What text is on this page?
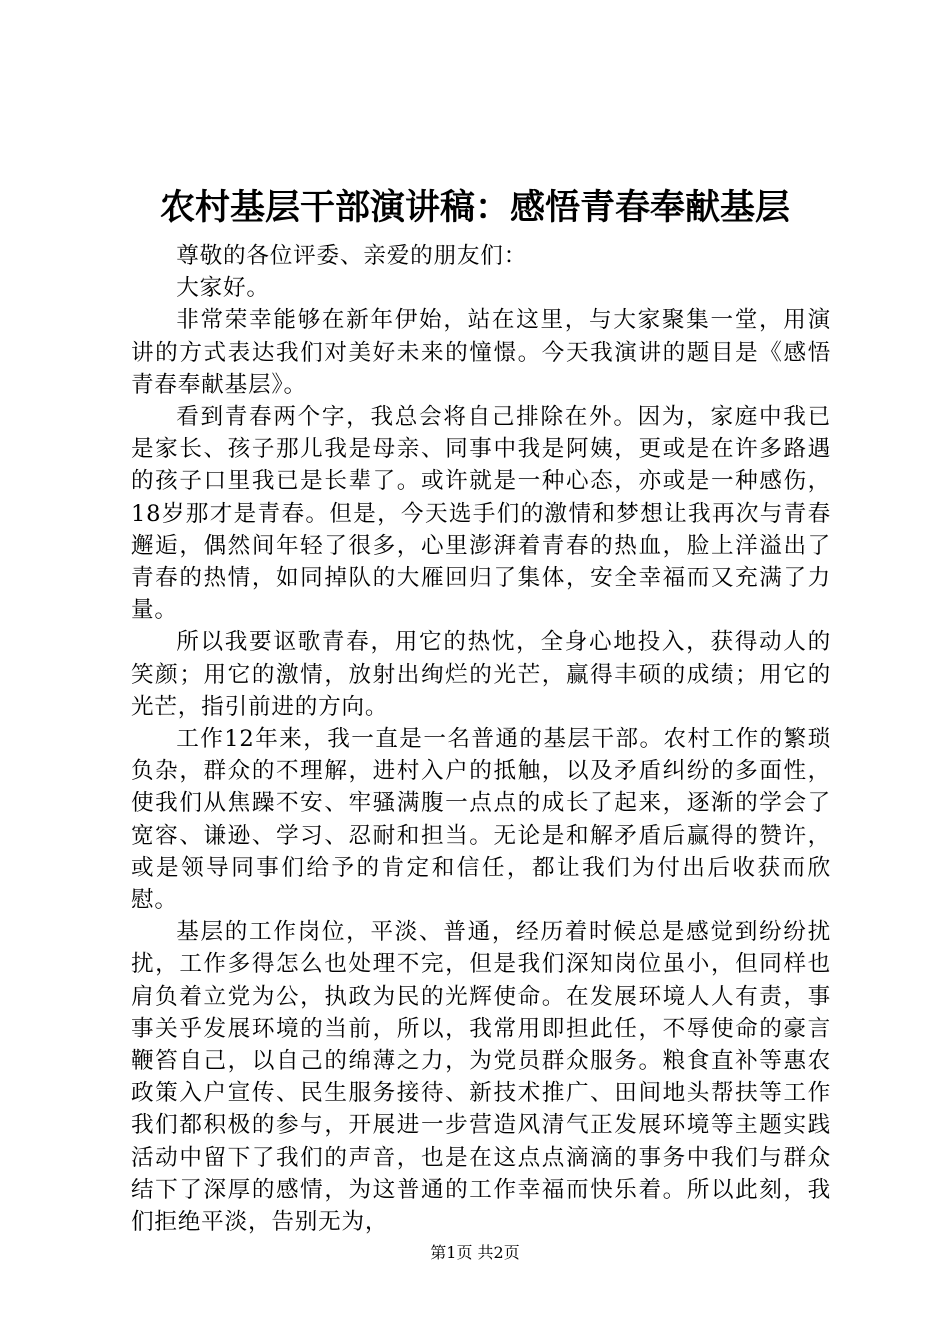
农村基层干部演讲稿：感悟青春奉献基层

尊敬的各位评委、亲爱的朋友们：

大家好。

非常荣幸能够在新年伊始，站在这里，与大家聚集一堂，用演讲的方式表达我们对美好未来的憧憬。今天我演讲的题目是《感悟青春奉献基层》。

看到青春两个字，我总会将自己排除在外。因为，家庭中我已是家长、孩子那儿我是母亲、同事中我是阿姨，更或是在许多路遇的孩子口里我已是长辈了。或许就是一种心态，亦或是一种感伤，18岁那才是青春。但是，今天选手们的激情和梦想让我再次与青春邂逅，偶然间年轻了很多，心里澎湃着青春的热血，脸上洋溢出了青春的热情，如同掉队的大雁回归了集体，安全幸福而又充满了力量。

所以我要讴歌青春，用它的热忱，全身心地投入，获得动人的笑颜；用它的激情，放射出绚烂的光芒，赢得丰硕的成绩；用它的光芒，指引前进的方向。

工作12年来，我一直是一名普通的基层干部。农村工作的繁琐负杂，群众的不理解，进村入户的抵触，以及矛盾纠纷的多面性，使我们从焦躁不安、牢骚满腹一点点的成长了起来，逐渐的学会了宽容、谦逊、学习、忍耐和担当。无论是和解矛盾后赢得的赞许，或是领导同事们给予的肯定和信任，都让我们为付出后收获而欣慰。

基层的工作岗位，平淡、普通，经历着时候总是感觉到纷纷扰扰，工作多得怎么也处理不完，但是我们深知岗位虽小，但同样也肩负着立党为公，执政为民的光辉使命。在发展环境人人有责，事事关乎发展环境的当前，所以，我常用即担此任，不辱使命的豪言鞭笞自己，以自己的绵薄之力，为党员群众服务。粮食直补等惠农政策入户宣传、民生服务接待、新技术推广、田间地头帮扶等工作我们都积极的参与，开展进一步营造风清气正发展环境等主题实践活动中留下了我们的声音，也是在这点点滴滴的事务中我们与群众结下了深厚的感情，为这普通的工作幸福而快乐着。所以此刻，我们拒绝平淡，告别无为，

第1页 共2页
